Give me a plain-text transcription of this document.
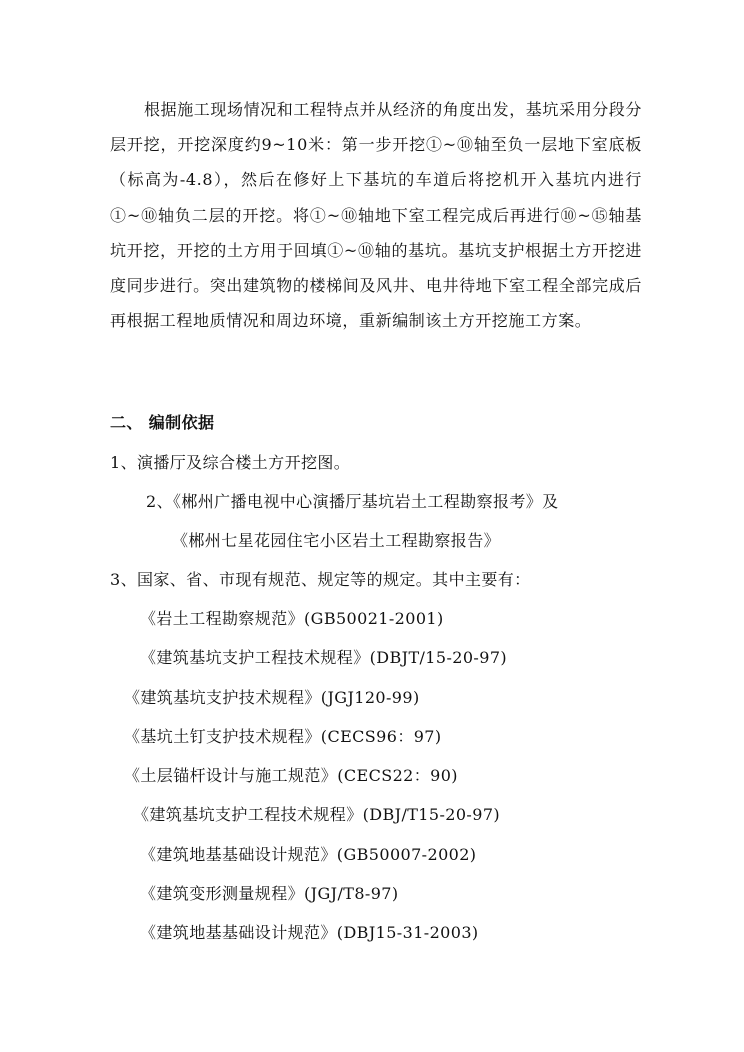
根据施工现场情况和工程特点并从经济的角度出发，基坑采用分段分层开挖，开挖深度约9~10米：第一步开挖①~⑩轴至负一层地下室底板（标高为-4.8），然后在修好上下基坑的车道后将挖机开入基坑内进行①~⑩轴负二层的开挖。将①~⑩轴地下室工程完成后再进行⑩~⑮轴基坑开挖，开挖的土方用于回填①~⑩轴的基坑。基坑支护根据土方开挖进度同步进行。突出建筑物的楼梯间及风井、电井待地下室工程全部完成后再根据工程地质情况和周边环境，重新编制该土方开挖施工方案。

二、 编制依据
1、演播厅及综合楼土方开挖图。
2、《郴州广播电视中心演播厅基坑岩土工程勘察报考》及
《郴州七星花园住宅小区岩土工程勘察报告》
3、国家、省、市现有规范、规定等的规定。其中主要有：
《岩土工程勘察规范》(GB50021-2001)
《建筑基坑支护工程技术规程》(DBJT/15-20-97)
《建筑基坑支护技术规程》(JGJ120-99)
《基坑土钉支护技术规程》(CECS96：97)
《土层锚杆设计与施工规范》(CECS22：90)
《建筑基坑支护工程技术规程》(DBJ/T15-20-97)
《建筑地基基础设计规范》(GB50007-2002)
《建筑变形测量规程》(JGJ/T8-97)
《建筑地基基础设计规范》(DBJ15-31-2003)
